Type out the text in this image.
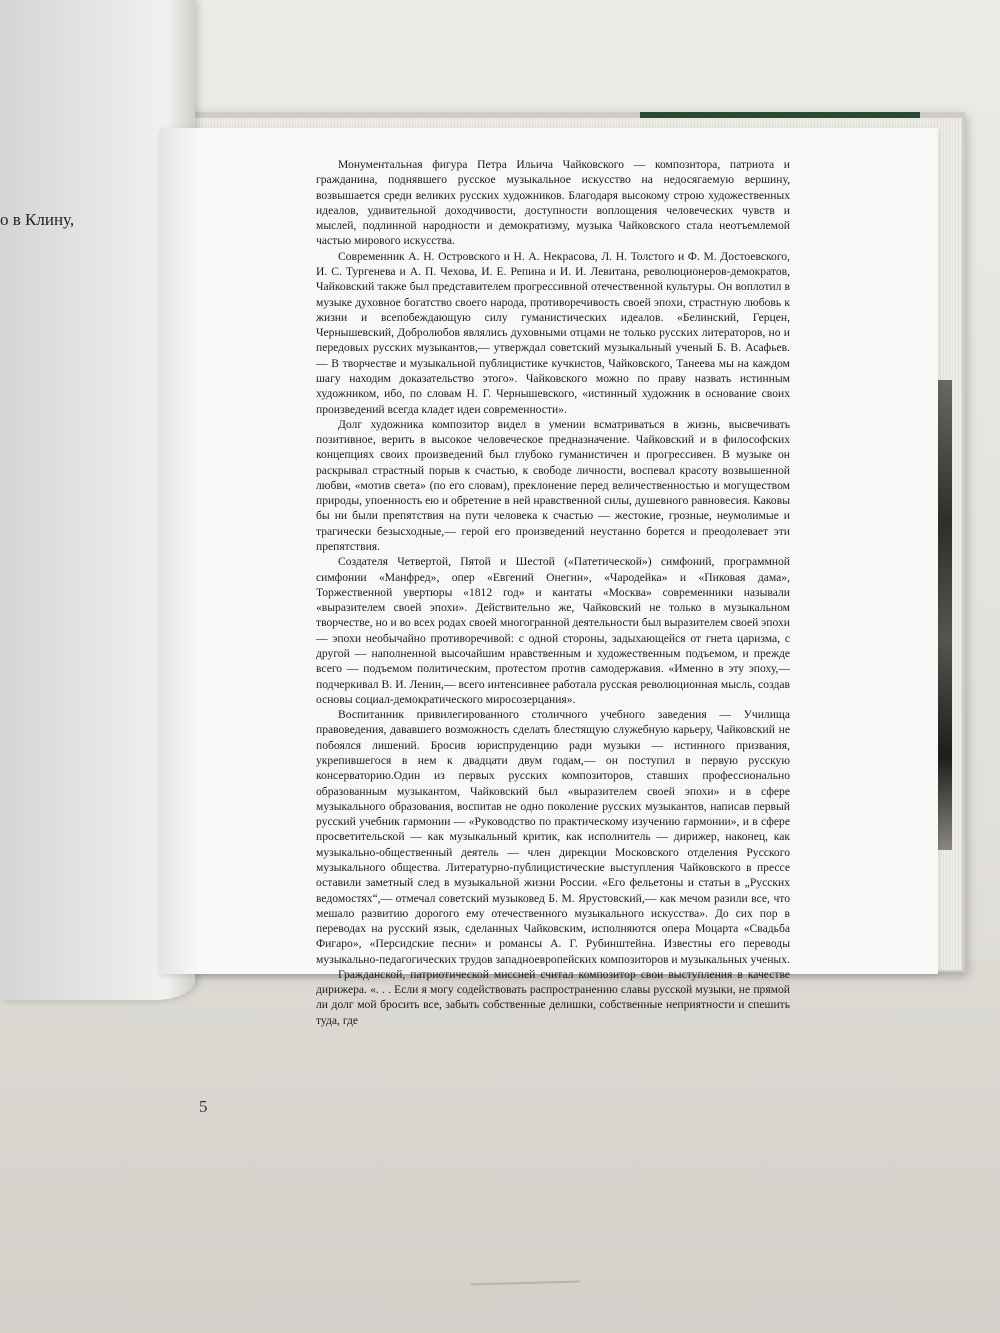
о в Клину,
5

Монументальная фигура Петра Ильича Чайковского — композитора, патриота и гражданина, поднявшего русское музыкальное искусство на недосягаемую вершину, возвышается среди великих русских художников. Благодаря высокому строю художественных идеалов, удивительной доходчивости, доступности воплощения человеческих чувств и мыслей, подлинной народности и демократизму, музыка Чайковского стала неотъемлемой частью мирового искусства.

Современник А. Н. Островского и Н. А. Некрасова, Л. Н. Толстого и Ф. М. Достоевского, И. С. Тургенева и А. П. Чехова, И. Е. Репина и И. И. Левитана, революционеров-демократов, Чайковский также был представителем прогрессивной отечественной культуры. Он воплотил в музыке духовное богатство своего народа, противоречивость своей эпохи, страстную любовь к жизни и всепобеждающую силу гуманистических идеалов. «Белинский, Герцен, Чернышевский, Добролюбов являлись духовными отцами не только русских литераторов, но и передовых русских музыкантов,— утверждал советский музыкальный ученый Б. В. Асафьев.— В творчестве и музыкальной публицистике кучкистов, Чайковского, Танеева мы на каждом шагу находим доказательство этого». Чайковского можно по праву назвать истинным художником, ибо, по словам Н. Г. Чернышевского, «истинный художник в основание своих произведений всегда кладет идеи современности».

Долг художника композитор видел в умении всматриваться в жизнь, высвечивать позитивное, верить в высокое человеческое предназначение. Чайковский и в философских концепциях своих произведений был глубоко гуманистичен и прогрессивен. В музыке он раскрывал страстный порыв к счастью, к свободе личности, воспевал красоту возвышенной любви, «мотив света» (по его словам), преклонение перед величественностью и могуществом природы, упоенность ею и обретение в ней нравственной силы, душевного равновесия. Каковы бы ни были препятствия на пути человека к счастью — жестокие, грозные, неумолимые и трагически безысходные,— герой его произведений неустанно борется и преодолевает эти препятствия.

Создателя Четвертой, Пятой и Шестой («Патетической») симфоний, программной симфонии «Манфред», опер «Евгений Онегин», «Чародейка» и «Пиковая дама», Торжественной увертюры «1812 год» и кантаты «Москва» современники называли «выразителем своей эпохи». Действительно же, Чайковский не только в музыкальном творчестве, но и во всех родах своей многогранной деятельности был выразителем своей эпохи — эпохи необычайно противоречивой: с одной стороны, задыхающейся от гнета царизма, с другой — наполненной высочайшим нравственным и художественным подъемом, и прежде всего — подъемом политическим, протестом против самодержавия. «Именно в эту эпоху,— подчеркивал В. И. Ленин,— всего интенсивнее работала русская революционная мысль, создав основы социал-демократического миросозерцания».

Воспитанник привилегированного столичного учебного заведения — Училища правоведения, дававшего возможность сделать блестящую служебную карьеру, Чайковский не побоялся лишений. Бросив юриспруденцию ради музыки — истинного призвания, укрепившегося в нем к двадцати двум годам,— он поступил в первую русскую консерваторию.Один из первых русских композиторов, ставших профессионально образованным музыкантом, Чайковский был «выразителем своей эпохи» и в сфере музыкального образования, воспитав не одно поколение русских музыкантов, написав первый русский учебник гармонии — «Руководство по практическому изучению гармонии», и в сфере просветительской — как музыкальный критик, как исполнитель — дирижер, наконец, как музыкально-общественный деятель — член дирекции Московского отделения Русского музыкального общества. Литературно-публицистические выступления Чайковского в прессе оставили заметный след в музыкальной жизни России. «Его фельетоны и статьи в „Русских ведомостях“,— отмечал советский музыковед Б. М. Ярустовский,— как мечом разили все, что мешало развитию дорогого ему отечественного музыкального искусства». До сих пор в переводах на русский язык, сделанных Чайковским, исполняются опера Моцарта «Свадьба Фигаро», «Персидские песни» и романсы А. Г. Рубинштейна. Известны его переводы музыкально-педагогических трудов западноевропейских композиторов и музыкальных ученых.

Гражданской, патриотической миссией считал композитор свои выступления в качестве дирижера. «. . . Если я могу содействовать распространению славы русской музыки, не прямой ли долг мой бросить все, забыть собственные делишки, собственные неприятности и спешить туда, где
